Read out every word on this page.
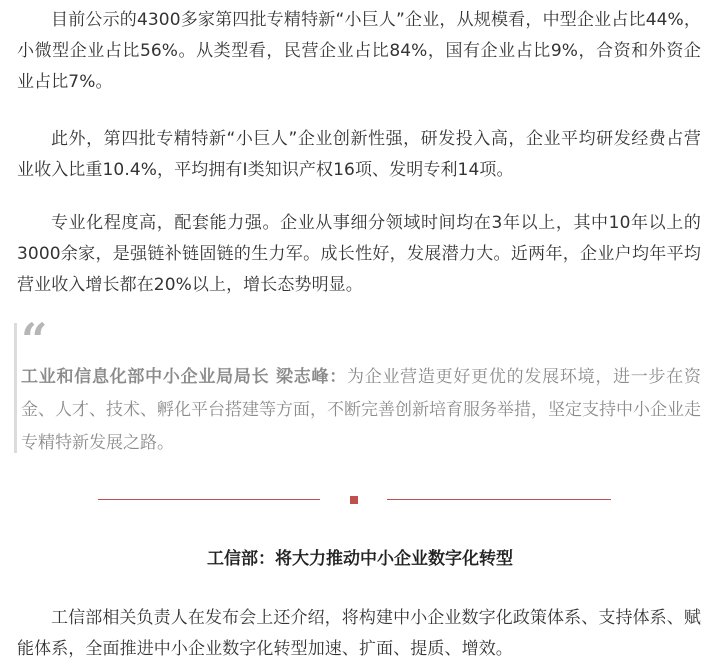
目前公示的4300多家第四批专精特新“小巨人”企业，从规模看，中型企业占比44%，小微型企业占比56%。从类型看，民营企业占比84%，国有企业占比9%，合资和外资企业占比7%。

此外，第四批专精特新“小巨人”企业创新性强，研发投入高，企业平均研发经费占营业收入比重10.4%，平均拥有I类知识产权16项、发明专利14项。

专业化程度高，配套能力强。企业从事细分领域时间均在3年以上，其中10年以上的3000余家，是强链补链固链的生力军。成长性好，发展潜力大。近两年，企业户均年平均营业收入增长都在20%以上，增长态势明显。

“

工业和信息化部中小企业局局长 梁志峰：为企业营造更好更优的发展环境，进一步在资金、人才、技术、孵化平台搭建等方面，不断完善创新培育服务举措，坚定支持中小企业走专精特新发展之路。

工信部：将大力推动中小企业数字化转型

工信部相关负责人在发布会上还介绍，将构建中小企业数字化政策体系、支持体系、赋能体系，全面推进中小企业数字化转型加速、扩面、提质、增效。
